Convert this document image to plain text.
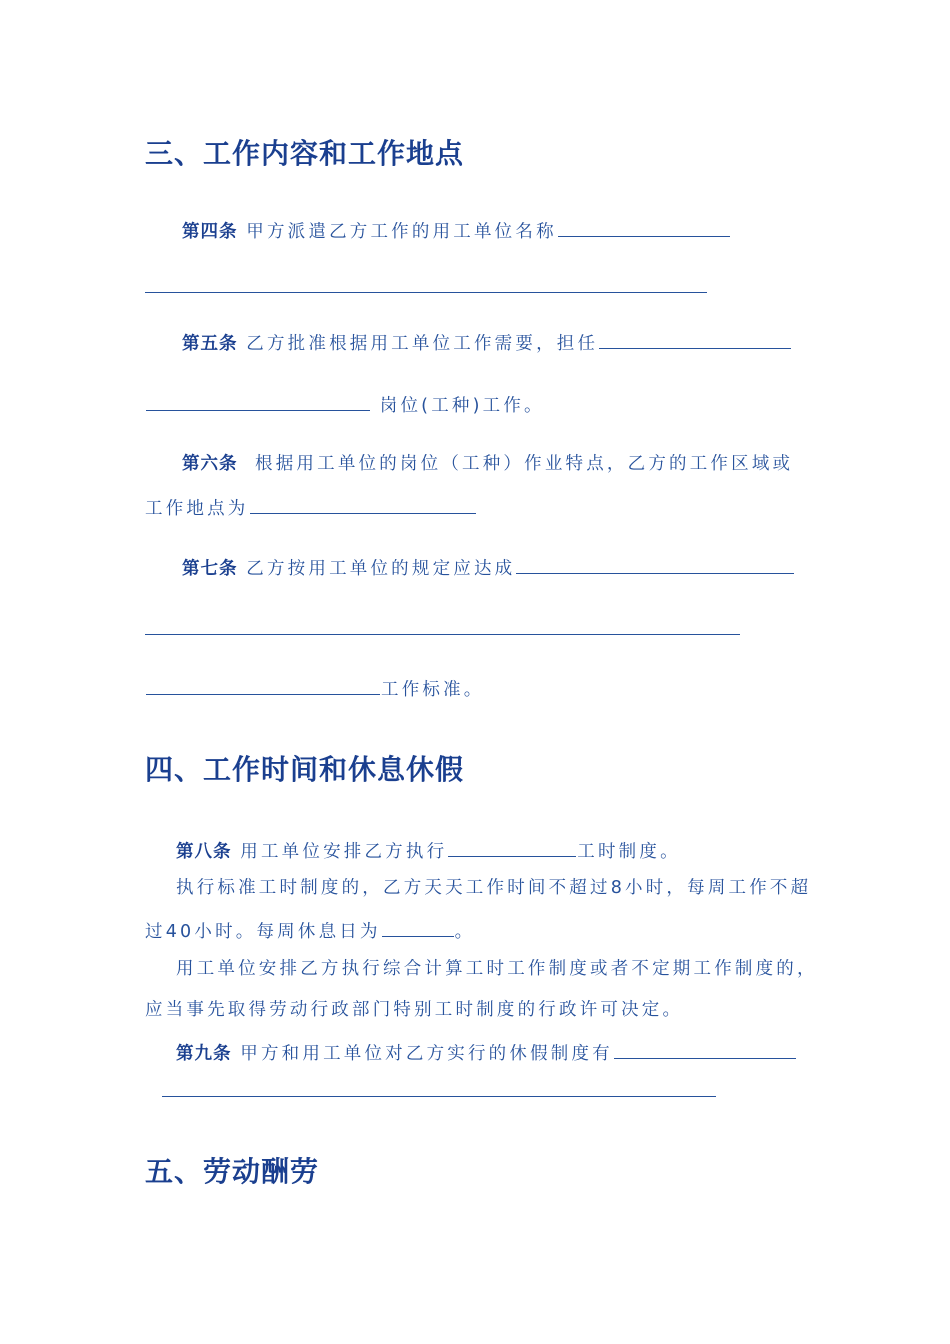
三、工作内容和工作地点
第四条 甲方派遣乙方工作的用工单位名称
第五条 乙方批准根据用工单位工作需要，担任
岗位(工种)工作。
第六条 根据用工单位的岗位（工种）作业特点，乙方的工作区域或
工作地点为
第七条 乙方按用工单位的规定应达成
工作标准。
四、工作时间和休息休假
第八条 用工单位安排乙方执行	工时制度。
执行标准工时制度的，乙方天天工作时间不超过8小时，每周工作不超
过40小时。每周休息日为	。
用工单位安排乙方执行综合计算工时工作制度或者不定期工作制度的，
应当事先取得劳动行政部门特别工时制度的行政许可决定。
第九条 甲方和用工单位对乙方实行的休假制度有
五、劳动酬劳
